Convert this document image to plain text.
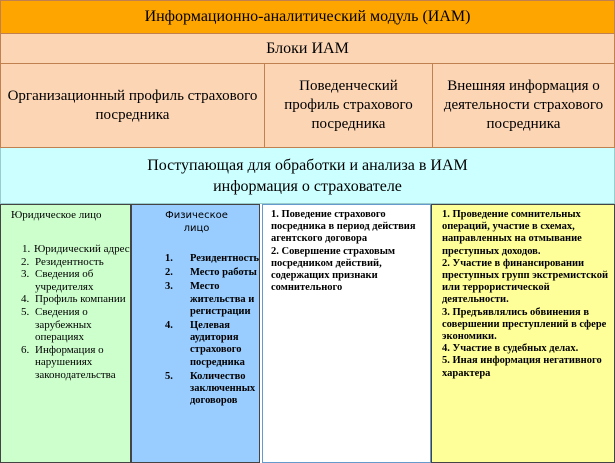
Информационно-аналитический модуль (ИАМ)
Блоки ИАМ
Организационный профиль страхового посредника
Поведенческий профиль страхового посредника
Внешняя информация о деятельности страхового посредника
Поступающая для обработки и анализа в ИАМ
информация о страхователе
Юридическое лицо
1. Юридический адрес
2. Резидентность
3. Сведения об учредителях
4. Профиль компании
5. Сведения о зарубежных операциях
6. Информация о нарушениях законодательства
Физическое лицо
1. Резидентность
2. Место работы
3. Место жительства и регистрации
4. Целевая аудитория страхового посредника
5. Количество заключенных договоров

1. Поведение страхового посредника в период действия агентского договора

2. Совершение страховым посредником действий, содержащих признаки сомнительного

1. Проведение сомнительных операций, участие в схемах, направленных на отмывание преступных доходов.

2. Участие в финансировании преступных групп экстремистской или террористической деятельности.

3. Предъявлялись обвинения в совершении преступлений в сфере экономики.

4. Участие в судебных делах.

5. Иная информация негативного характера
